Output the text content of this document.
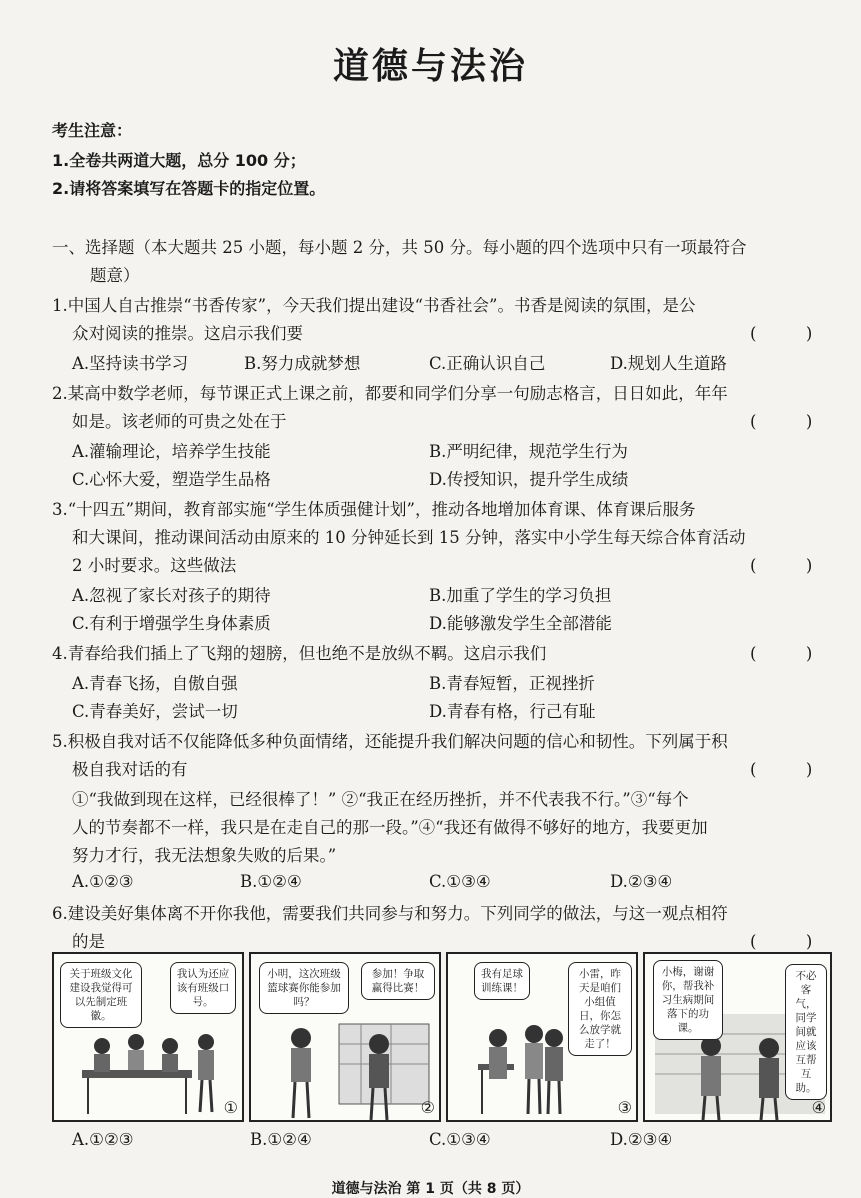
道德与法治
考生注意：
1.全卷共两道大题，总分 100 分；
2.请将答案填写在答题卡的指定位置。
一、选择题（本大题共 25 小题，每小题 2 分，共 50 分。每小题的四个选项中只有一项最符合
题意）
1.中国人自古推崇“书香传家”，今天我们提出建设“书香社会”。书香是阅读的氛围，是公
众对阅读的推崇。这启示我们要	(　　　)
A.坚持读书学习	B.努力成就梦想	C.正确认识自己	D.规划人生道路
2.某高中数学老师，每节课正式上课之前，都要和同学们分享一句励志格言，日日如此，年年
如是。该老师的可贵之处在于	(　　　)
A.灌输理论，培养学生技能	B.严明纪律，规范学生行为
C.心怀大爱，塑造学生品格	D.传授知识，提升学生成绩
3.“十四五”期间，教育部实施“学生体质强健计划”，推动各地增加体育课、体育课后服务
和大课间，推动课间活动由原来的 10 分钟延长到 15 分钟，落实中小学生每天综合体育活动
2 小时要求。这些做法	(　　　)
A.忽视了家长对孩子的期待	B.加重了学生的学习负担
C.有利于增强学生身体素质	D.能够激发学生全部潜能
4.青春给我们插上了飞翔的翅膀，但也绝不是放纵不羁。这启示我们	(　　　)
A.青春飞扬，自傲自强	B.青春短暂，正视挫折
C.青春美好，尝试一切	D.青春有格，行己有耻
5.积极自我对话不仅能降低多种负面情绪，还能提升我们解决问题的信心和韧性。下列属于积
极自我对话的有	(　　　)
①“我做到现在这样，已经很棒了！” ②“我正在经历挫折，并不代表我不行。”③“每个
人的节奏都不一样，我只是在走自己的那一段。”④“我还有做得不够好的地方，我要更加
努力才行，我无法想象失败的后果。”
A.①②③	B.①②④	C.①③④	D.②③④
6.建设美好集体离不开你我他，需要我们共同参与和努力。下列同学的做法，与这一观点相符
的是	(　　　)
关于班级文化建设我觉得可以先制定班徽。
我认为还应该有班级口号。
①
小明，这次班级篮球赛你能参加吗？
参加！争取赢得比赛！
②
我有足球训练课！
小雷，昨天是咱们小组值日，你怎么放学就走了！
③
小梅，谢谢你，帮我补习生病期间落下的功课。
不必客气，同学间就应该互帮互助。
④
A.①②③	B.①②④	C.①③④	D.②③④
道德与法治 第 1 页（共 8 页）
